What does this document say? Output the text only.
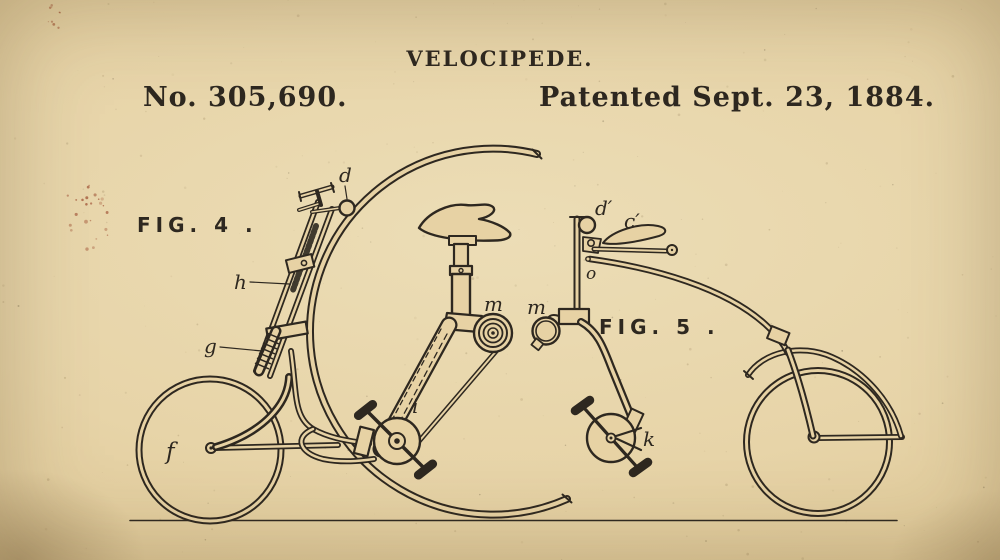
VELOCIPEDE.
No. 305,690.	Patented Sept. 23, 1884.
FIG. 4 .
FIG. 5 .
d
h
g
f
i
m m
d′
c′
o
k
